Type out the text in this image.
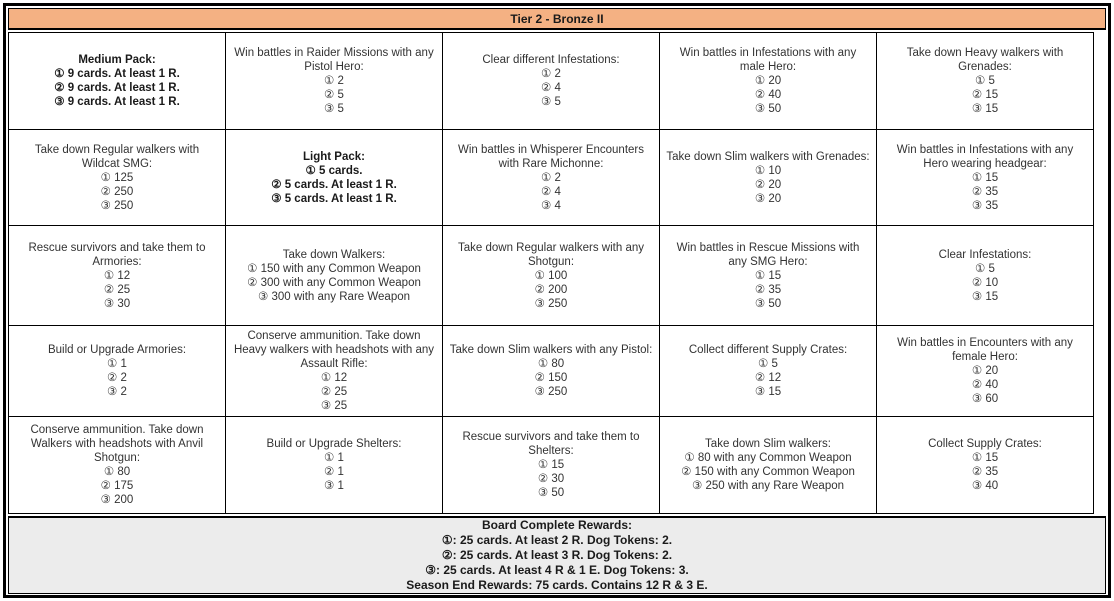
Tier 2 - Bronze II
Medium Pack:
① 9 cards. At least 1 R.
② 9 cards. At least 1 R.
③ 9 cards. At least 1 R.

Win battles in Raider Missions with any Pistol Hero:
① 2
② 5
③ 5

Clear different Infestations:
① 2
② 4
③ 5

Win battles in Infestations with any male Hero:
① 20
② 40
③ 50

Take down Heavy walkers with Grenades:
① 5
② 15
③ 15

Take down Regular walkers with Wildcat SMG:
① 125
② 250
③ 250

Light Pack:
① 5 cards.
② 5 cards. At least 1 R.
③ 5 cards. At least 1 R.

Win battles in Whisperer Encounters with Rare Michonne:
① 2
② 4
③ 4

Take down Slim walkers with Grenades:
① 10
② 20
③ 20

Win battles in Infestations with any Hero wearing headgear:
① 15
② 35
③ 35

Rescue survivors and take them to Armories:
① 12
② 25
③ 30

Take down Walkers:
① 150 with any Common Weapon
② 300 with any Common Weapon
③ 300 with any Rare Weapon

Take down Regular walkers with any Shotgun:
① 100
② 200
③ 250

Win battles in Rescue Missions with any SMG Hero:
① 15
② 35
③ 50

Clear Infestations:
① 5
② 10
③ 15

Build or Upgrade Armories:
① 1
② 2
③ 2

Conserve ammunition. Take down Heavy walkers with headshots with any Assault Rifle:
① 12
② 25
③ 25

Take down Slim walkers with any Pistol:
① 80
② 150
③ 250

Collect different Supply Crates:
① 5
② 12
③ 15

Win battles in Encounters with any female Hero:
① 20
② 40
③ 60

Conserve ammunition. Take down Walkers with headshots with Anvil Shotgun:
① 80
② 175
③ 200

Build or Upgrade Shelters:
① 1
② 1
③ 1

Rescue survivors and take them to Shelters:
① 15
② 30
③ 50

Take down Slim walkers:
① 80 with any Common Weapon
② 150 with any Common Weapon
③ 250 with any Rare Weapon

Collect Supply Crates:
① 15
② 35
③ 40
Board Complete Rewards:
①: 25 cards. At least 2 R. Dog Tokens: 2.
②: 25 cards. At least 3 R. Dog Tokens: 2.
③: 25 cards. At least 4 R & 1 E. Dog Tokens: 3.
Season End Rewards: 75 cards. Contains 12 R & 3 E.
